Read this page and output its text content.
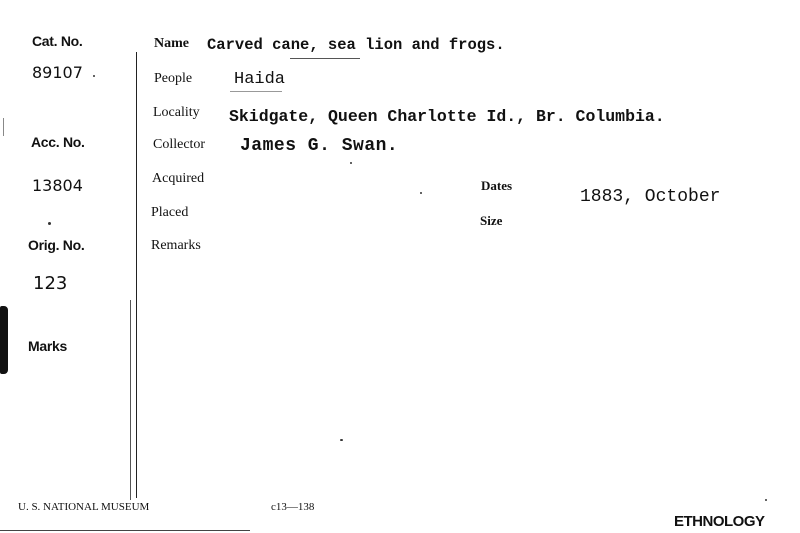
Cat. No.
89107
Acc. No.
13804
Orig. No.
123
Marks
Name Carved cane, sea lion and frogs.
People Haida
Locality Skidgate, Queen Charlotte Id., Br. Columbia.
Collector James G. Swan.
Acquired
Placed
Remarks
Dates
1883, October
Size
U. S. NATIONAL MUSEUM	c13—138
ETHNOLOGY
